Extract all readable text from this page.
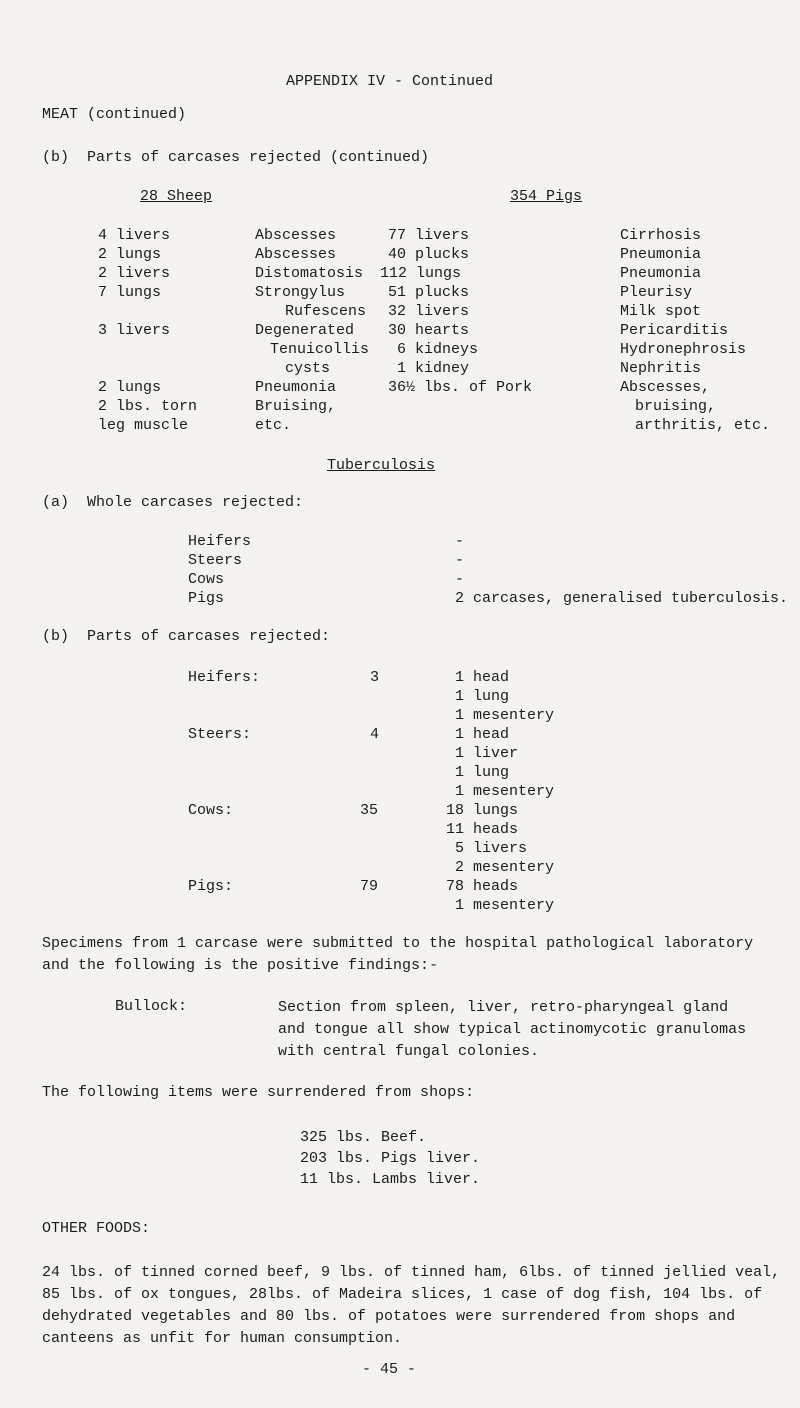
APPENDIX IV - Continued
MEAT (continued)
(b)  Parts of carcases rejected (continued)
28 Sheep	354 Pigs
4 livers	Abscesses
2 lungs	Abscesses
2 livers	Distomatosis
7 lungs	Strongylus
Rufescens
3 livers	Degenerated
Tenuicollis
cysts
2 lungs	Pneumonia
2 lbs. torn	Bruising,
leg muscle	etc.
77 livers	Cirrhosis
40 plucks	Pneumonia
112 lungs	Pneumonia
51 plucks	Pleurisy
32 livers	Milk spot
30 hearts	Pericarditis
6 kidneys	Hydronephrosis
1 kidney	Nephritis
36½ lbs. of Pork	Abscesses,
bruising,
arthritis, etc.
Tuberculosis
(a)  Whole carcases rejected:
Heifers	-
Steers	-
Cows	-
Pigs	2 carcases, generalised tuberculosis.
(b)  Parts of carcases rejected:
Heifers:	3	1 head
1 lung
1 mesentery
Steers:	4	1 head
1 liver
1 lung
1 mesentery
Cows:	35	18 lungs
11 heads
5 livers
2 mesentery
Pigs:	79	78 heads
1 mesentery
Specimens from 1 carcase were submitted to the hospital pathological laboratory and the following is the positive findings:-
Bullock:	Section from spleen, liver, retro-pharyngeal gland and tongue all show typical actinomycotic granulomas with central fungal colonies.
The following items were surrendered from shops:
325 lbs. Beef.
203 lbs. Pigs liver.
11 lbs. Lambs liver.
OTHER FOODS:
24 lbs. of tinned corned beef, 9 lbs. of tinned ham, 6lbs. of tinned jellied veal, 85 lbs. of ox tongues, 28lbs. of Madeira slices, 1 case of dog fish, 104 lbs. of dehydrated vegetables and 80 lbs. of potatoes were surrendered from shops and canteens as unfit for human consumption.
- 45 -
